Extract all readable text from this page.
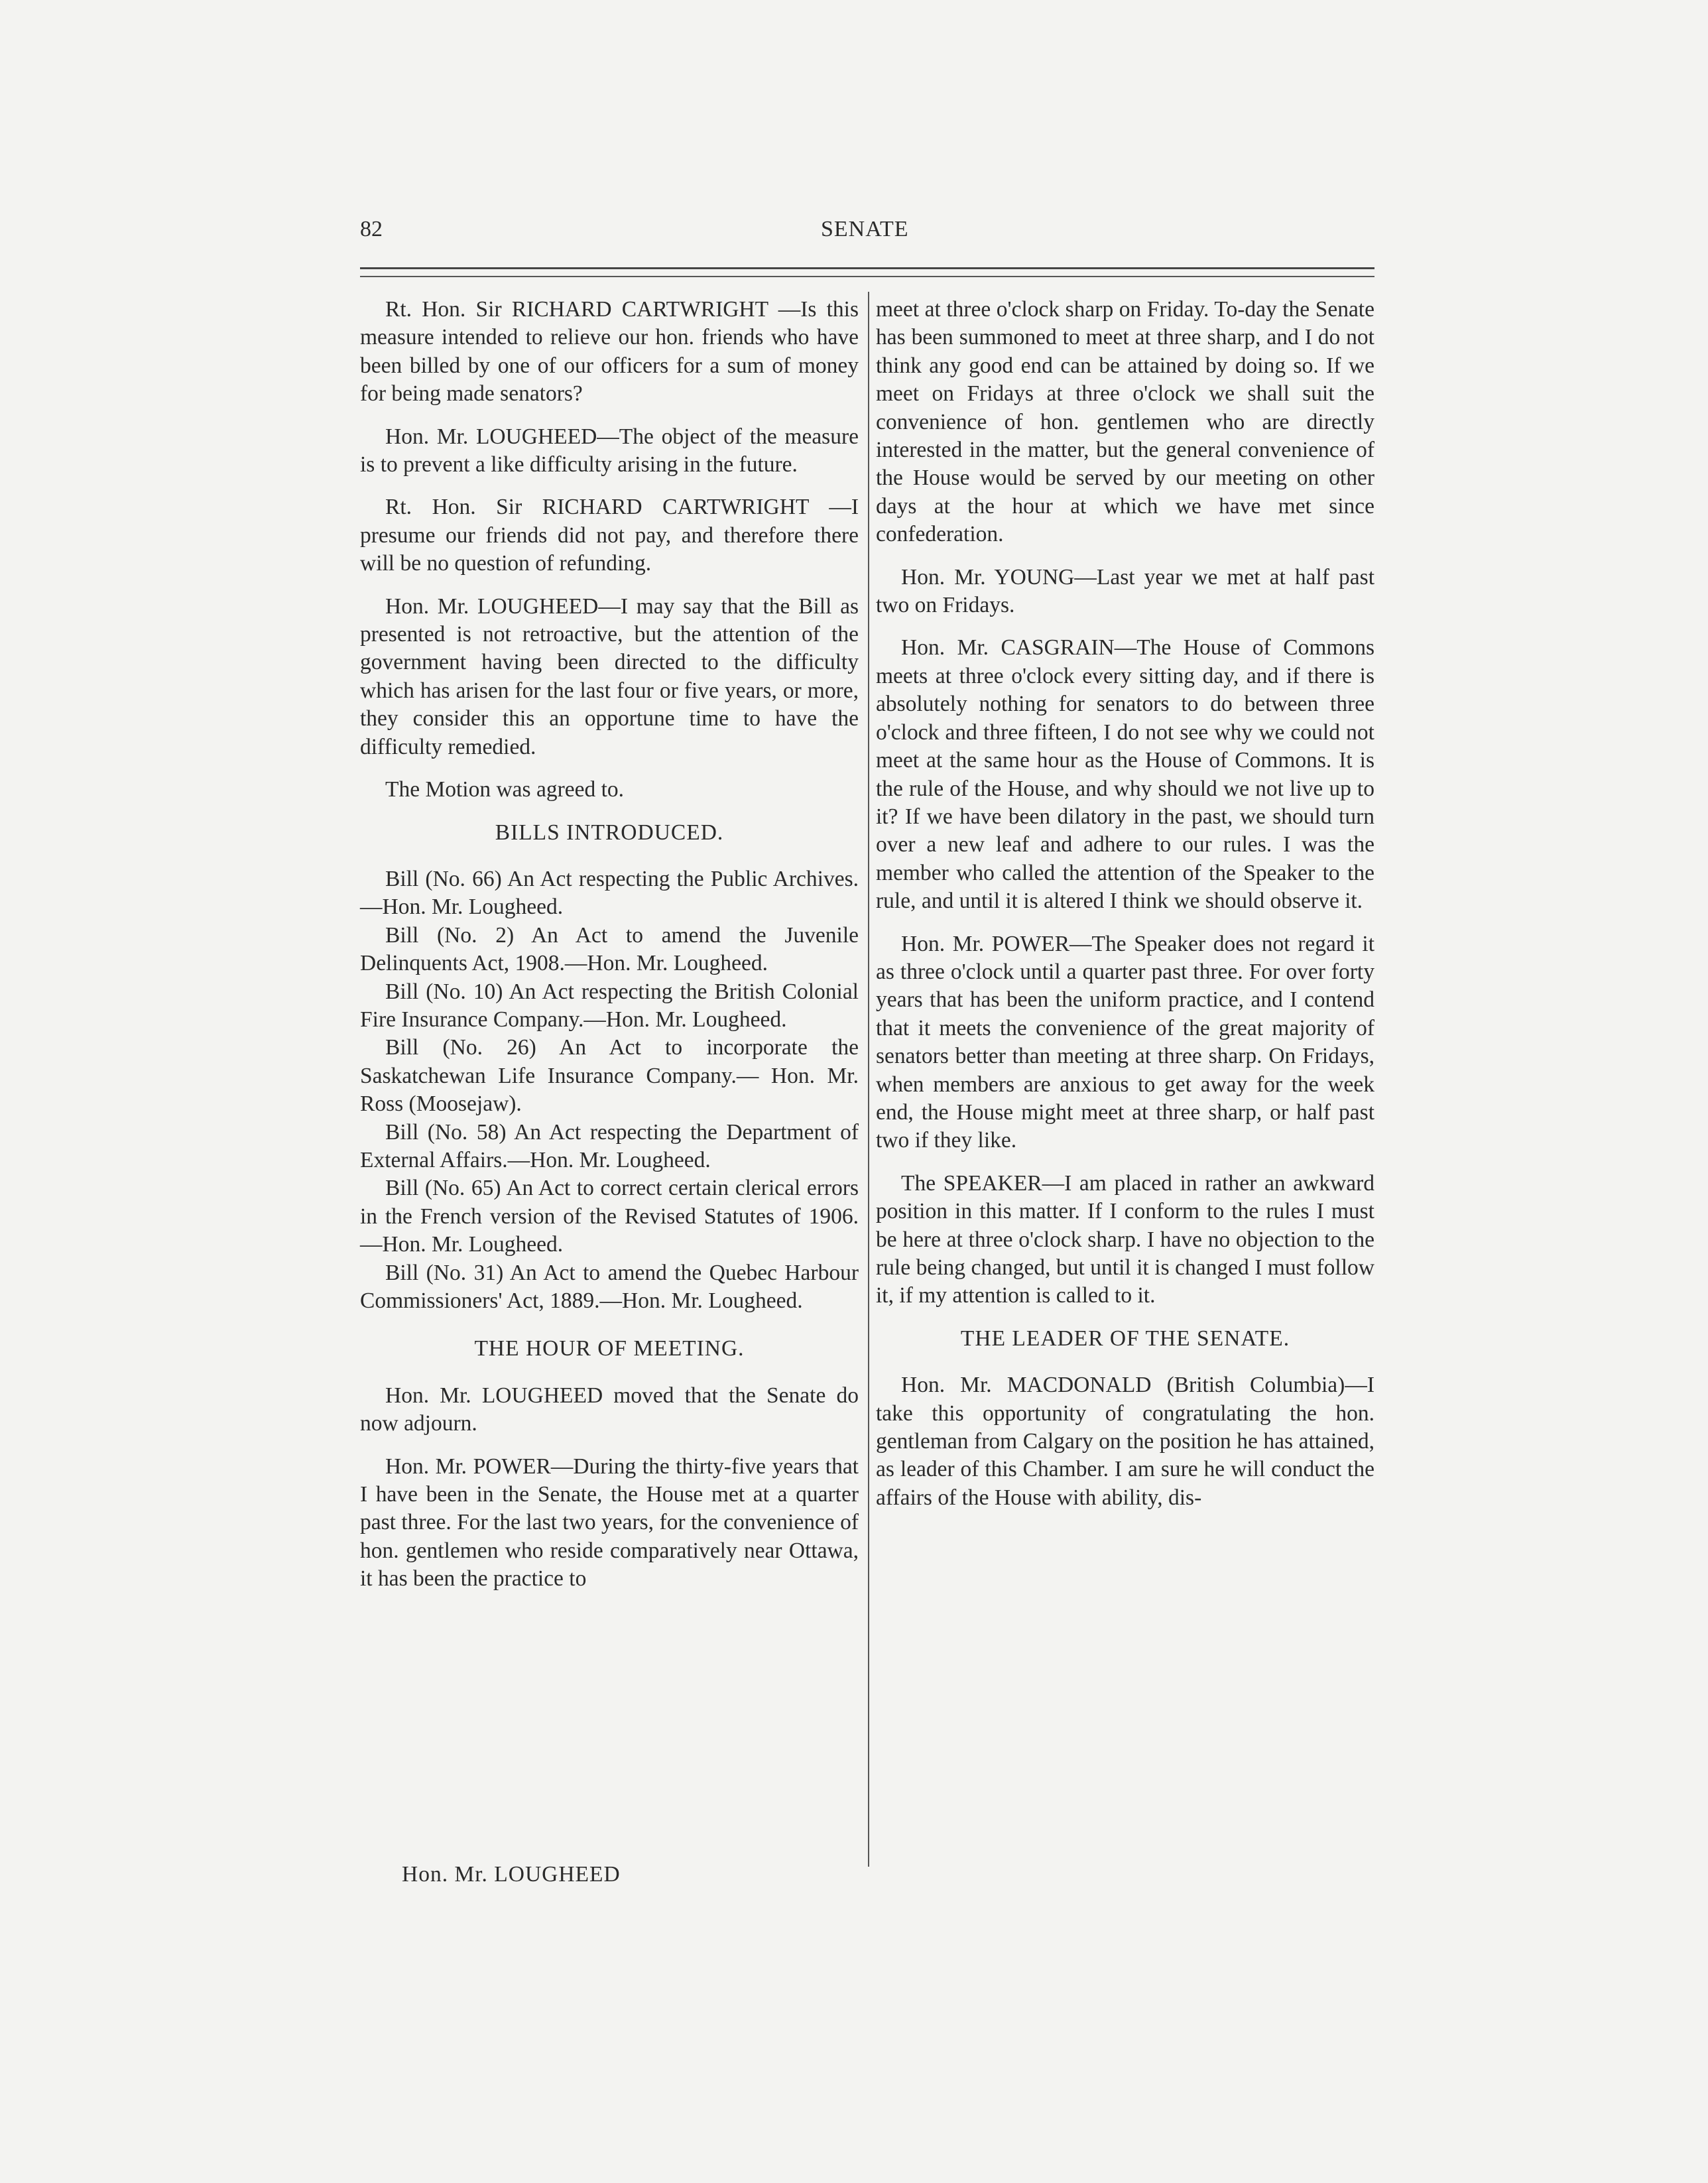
82	SENATE

Rt. Hon. Sir RICHARD CARTWRIGHT —Is this measure intended to relieve our hon. friends who have been billed by one of our officers for a sum of money for being made senators?

Hon. Mr. LOUGHEED—The object of the measure is to prevent a like difficulty arising in the future.

Rt. Hon. Sir RICHARD CARTWRIGHT —I presume our friends did not pay, and therefore there will be no question of refunding.

Hon. Mr. LOUGHEED—I may say that the Bill as presented is not retroactive, but the attention of the government having been directed to the difficulty which has arisen for the last four or five years, or more, they consider this an opportune time to have the difficulty remedied.

The Motion was agreed to.

BILLS INTRODUCED.

Bill (No. 66) An Act respecting the Public Archives.—Hon. Mr. Lougheed.

Bill (No. 2) An Act to amend the Juvenile Delinquents Act, 1908.—Hon. Mr. Lougheed.

Bill (No. 10) An Act respecting the British Colonial Fire Insurance Company.—Hon. Mr. Lougheed.

Bill (No. 26) An Act to incorporate the Saskatchewan Life Insurance Company.— Hon. Mr. Ross (Moosejaw).

Bill (No. 58) An Act respecting the Department of External Affairs.—Hon. Mr. Lougheed.

Bill (No. 65) An Act to correct certain clerical errors in the French version of the Revised Statutes of 1906.—Hon. Mr. Lougheed.

Bill (No. 31) An Act to amend the Quebec Harbour Commissioners' Act, 1889.—Hon. Mr. Lougheed.

THE HOUR OF MEETING.

Hon. Mr. LOUGHEED moved that the Senate do now adjourn.

Hon. Mr. POWER—During the thirty-five years that I have been in the Senate, the House met at a quarter past three. For the last two years, for the convenience of hon. gentlemen who reside comparatively near Ottawa, it has been the practice to

meet at three o'clock sharp on Friday. To-day the Senate has been summoned to meet at three sharp, and I do not think any good end can be attained by doing so. If we meet on Fridays at three o'clock we shall suit the convenience of hon. gentlemen who are directly interested in the matter, but the general convenience of the House would be served by our meeting on other days at the hour at which we have met since confederation.

Hon. Mr. YOUNG—Last year we met at half past two on Fridays.

Hon. Mr. CASGRAIN—The House of Commons meets at three o'clock every sitting day, and if there is absolutely nothing for senators to do between three o'clock and three fifteen, I do not see why we could not meet at the same hour as the House of Commons. It is the rule of the House, and why should we not live up to it? If we have been dilatory in the past, we should turn over a new leaf and adhere to our rules. I was the member who called the attention of the Speaker to the rule, and until it is altered I think we should observe it.

Hon. Mr. POWER—The Speaker does not regard it as three o'clock until a quarter past three. For over forty years that has been the uniform practice, and I contend that it meets the convenience of the great majority of senators better than meeting at three sharp. On Fridays, when members are anxious to get away for the week end, the House might meet at three sharp, or half past two if they like.

The SPEAKER—I am placed in rather an awkward position in this matter. If I conform to the rules I must be here at three o'clock sharp. I have no objection to the rule being changed, but until it is changed I must follow it, if my attention is called to it.

THE LEADER OF THE SENATE.

Hon. Mr. MACDONALD (British Columbia)—I take this opportunity of congratulating the hon. gentleman from Calgary on the position he has attained, as leader of this Chamber. I am sure he will conduct the affairs of the House with ability, dis-

Hon. Mr. LOUGHEED
